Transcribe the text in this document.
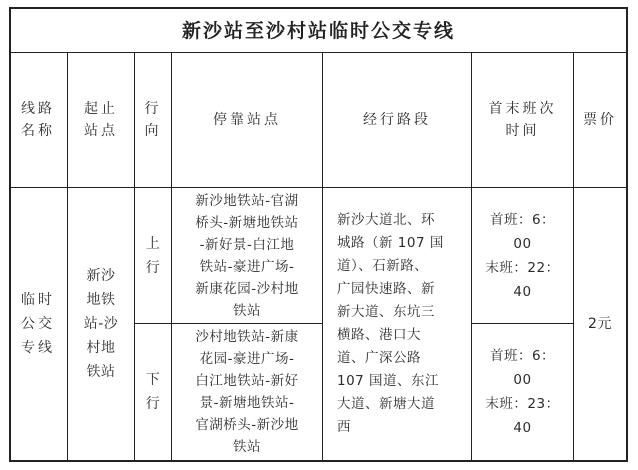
新沙站至沙村站临时公交专线
线路
名称
起止
站点
行
向
停靠站点	经行路段
首末班次
时间
票价
临时
公交
专线
新沙
地铁
站-沙
村地
铁站
上
行
下
行
新沙地铁站-官湖
桥头-新塘地铁站
-新好景-白江地
铁站-豪进广场-
新康花园-沙村地
铁站
沙村地铁站-新康
花园-豪进广场-
白江地铁站-新好
景-新塘地铁站-
官湖桥头-新沙地
铁站
新沙大道北、环
城路（新 107 国
道）、石新路、
广园快速路、新
新大道、东坑三
横路、港口大
道、广深公路
107 国道、东江
大道、新塘大道
西
首班：6：
00
末班：22：
40
首班：6：
00
末班：23：
40
2元
